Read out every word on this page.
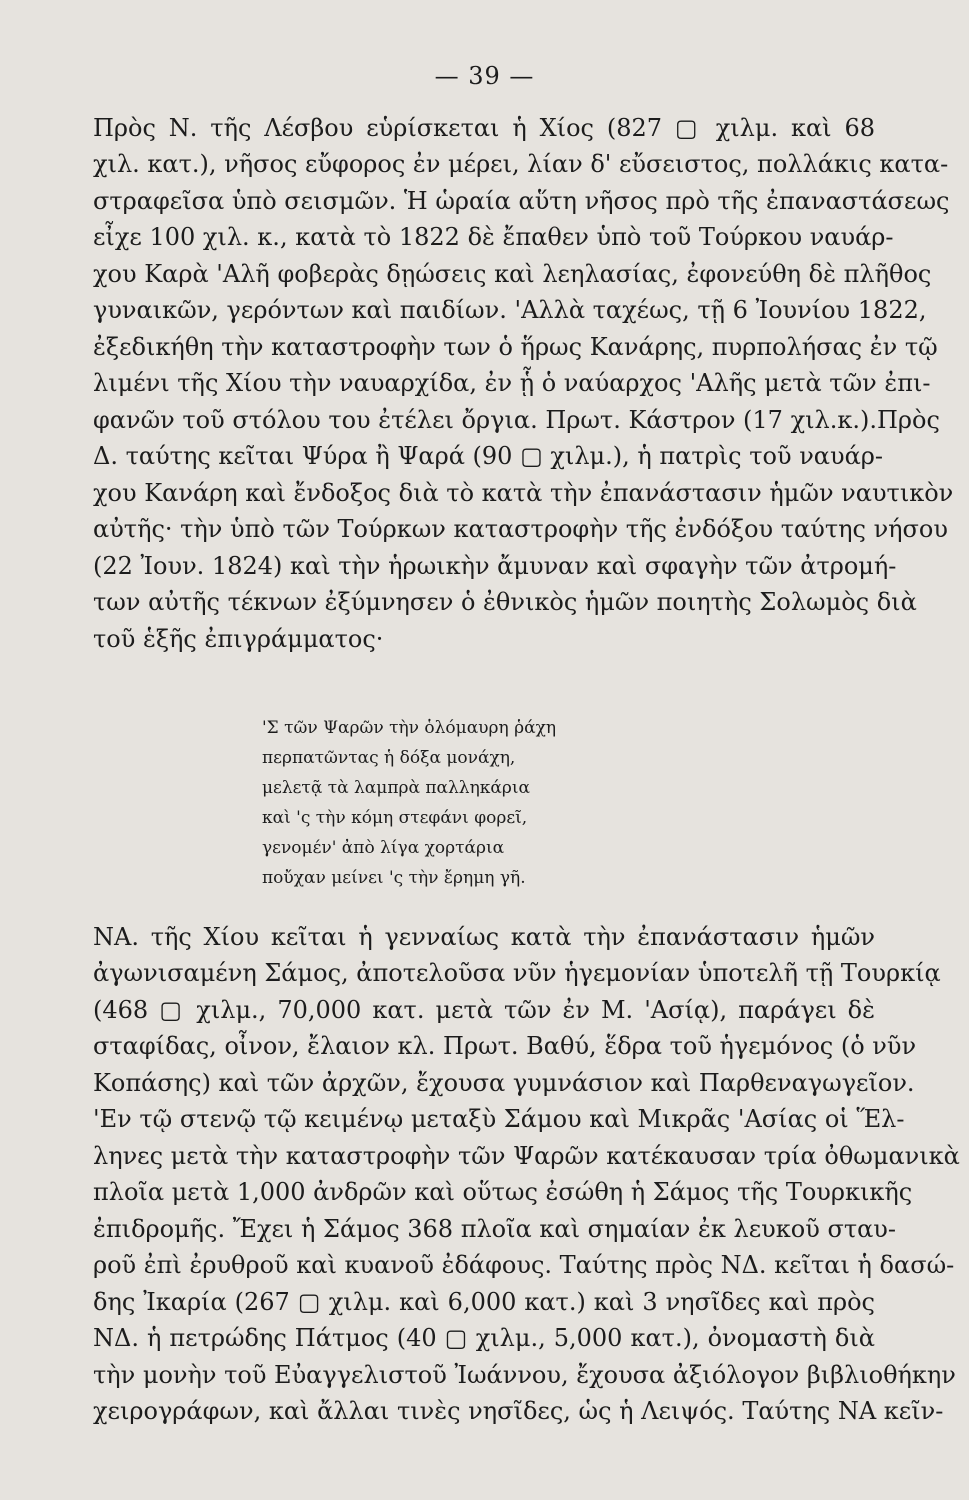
— 39 —
Πρὸς Ν. τῆς Λέσβου εὑρίσκεται ἡ Χίος (827 ▢ χιλμ. καὶ 68
χιλ. κατ.), νῆσος εὔφορος ἐν μέρει, λίαν δ' εὔσειστος, πολλάκις κατα-
στραφεῖσα ὑπὸ σεισμῶν. Ἡ ὡραία αὕτη νῆσος πρὸ τῆς ἐπαναστάσεως
εἶχε 100 χιλ. κ., κατὰ τὸ 1822 δὲ ἔπαθεν ὑπὸ τοῦ Τούρκου ναυάρ-
χου Καρὰ 'Αλῆ φοβερὰς δῃώσεις καὶ λεηλασίας, ἐφονεύθη δὲ πλῆθος
γυναικῶν, γερόντων καὶ παιδίων. 'Αλλὰ ταχέως, τῇ 6 Ἰουνίου 1822,
ἐξεδικήθη τὴν καταστροφὴν των ὁ ἥρως Κανάρης, πυρπολήσας ἐν τῷ
λιμένι τῆς Χίου τὴν ναυαρχίδα, ἐν ᾗ ὁ ναύαρχος 'Αλῆς μετὰ τῶν ἐπι-
φανῶν τοῦ στόλου του ἐτέλει ὄργια. Πρωτ. Κάστρον (17 χιλ.κ.).Πρὸς
Δ. ταύτης κεῖται Ψύρα ἢ Ψαρά (90 ▢ χιλμ.), ἡ πατρὶς τοῦ ναυάρ-
χου Κανάρη καὶ ἔνδοξος διὰ τὸ κατὰ τὴν ἐπανάστασιν ἡμῶν ναυτικὸν
αὐτῆς· τὴν ὑπὸ τῶν Τούρκων καταστροφὴν τῆς ἐνδόξου ταύτης νήσου
(22 Ἰουν. 1824) καὶ τὴν ἡρωικὴν ἄμυναν καὶ σφαγὴν τῶν ἀτρομή-
των αὐτῆς τέκνων ἐξύμνησεν ὁ ἐθνικὸς ἡμῶν ποιητὴς Σολωμὸς διὰ
τοῦ ἑξῆς ἐπιγράμματος·
'Σ τῶν Ψαρῶν τὴν ὁλόμαυρη ῥάχη
περπατῶντας ἡ δόξα μονάχη,
μελετᾷ τὰ λαμπρὰ παλληκάρια
καὶ 'ς τὴν κόμη στεφάνι φορεῖ,
γενομέν' ἀπὸ λίγα χορτάρια
ποὔχαν μείνει 'ς τὴν ἔρημη γῆ.
ΝΑ. τῆς Χίου κεῖται ἡ γενναίως κατὰ τὴν ἐπανάστασιν ἡμῶν
ἀγωνισαμένη Σάμος, ἀποτελοῦσα νῦν ἡγεμονίαν ὑποτελῆ τῇ Τουρκίᾳ
(468 ▢ χιλμ., 70,000 κατ. μετὰ τῶν ἐν Μ. 'Ασίᾳ), παράγει δὲ
σταφίδας, οἶνον, ἔλαιον κλ. Πρωτ. Βαθύ, ἕδρα τοῦ ἡγεμόνος (ὁ νῦν
Κοπάσης) καὶ τῶν ἀρχῶν, ἔχουσα γυμνάσιον καὶ Παρθεναγωγεῖον.
'Εν τῷ στενῷ τῷ κειμένῳ μεταξὺ Σάμου καὶ Μικρᾶς 'Ασίας οἱ Ἕλ-
ληνες μετὰ τὴν καταστροφὴν τῶν Ψαρῶν κατέκαυσαν τρία ὀθωμανικὰ
πλοῖα μετὰ 1,000 ἀνδρῶν καὶ οὕτως ἐσώθη ἡ Σάμος τῆς Τουρκικῆς
ἐπιδρομῆς. Ἔχει ἡ Σάμος 368 πλοῖα καὶ σημαίαν ἐκ λευκοῦ σταυ-
ροῦ ἐπὶ ἐρυθροῦ καὶ κυανοῦ ἐδάφους. Ταύτης πρὸς ΝΔ. κεῖται ἡ δασώ-
δης Ἰκαρία (267 ▢ χιλμ. καὶ 6,000 κατ.) καὶ 3 νησῖδες καὶ πρὸς
ΝΔ. ἡ πετρώδης Πάτμος (40 ▢ χιλμ., 5,000 κατ.), ὀνομαστὴ διὰ
τὴν μονὴν τοῦ Εὐαγγελιστοῦ Ἰωάννου, ἔχουσα ἀξιόλογον βιβλιοθήκην
χειρογράφων, καὶ ἄλλαι τινὲς νησῖδες, ὡς ἡ Λειψός. Ταύτης ΝΑ κεῖν-
